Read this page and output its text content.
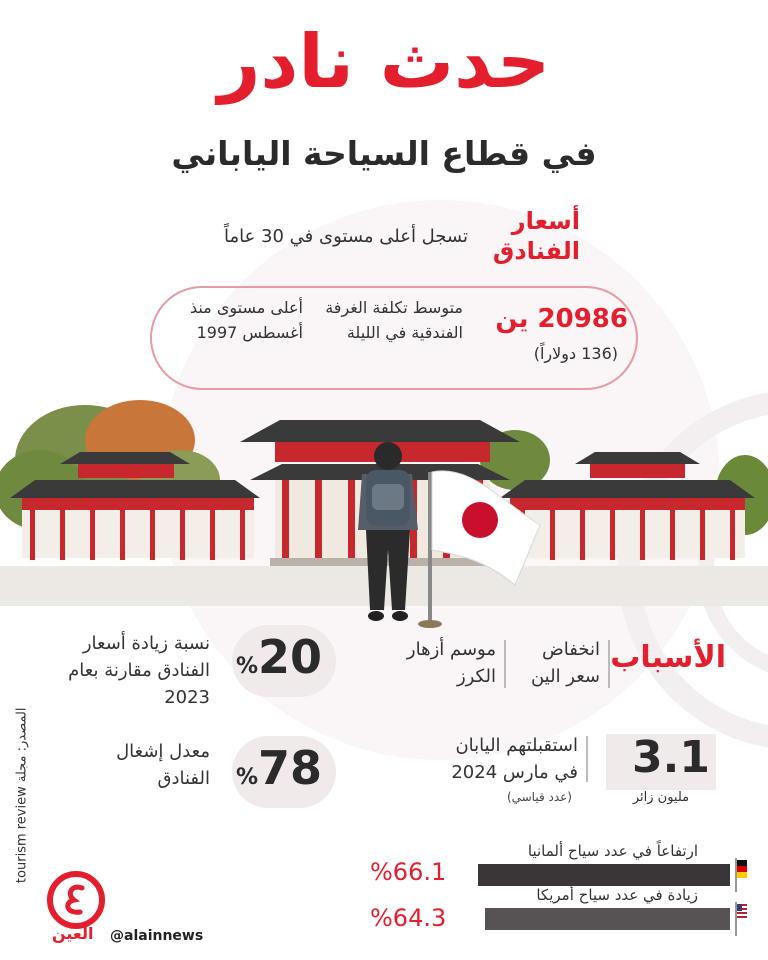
حدث نادر
في قطاع السياحة الياباني
أسعار الفنادق
تسجل أعلى مستوى في 30 عاماً
20986 ين
(136 دولاراً)
متوسط تكلفة الغرفة الفندقية في الليلة
أعلى مستوى منذ أغسطس 1997
%20
نسبة زيادة أسعار الفنادق مقارنة بعام 2023
%78
معدل إشغال الفنادق
الأسباب
انخفاض سعر الين
موسم أزهار الكرز
3.1
مليون زائر
استقبلتهم اليابان في مارس 2024
(عدد قياسي)
ارتفاعاً في عدد سياح ألمانيا
%66.1
زيادة في عدد سياح أمريكا
%64.3
المصدر: مجلة tourism review
العين @alainnews
